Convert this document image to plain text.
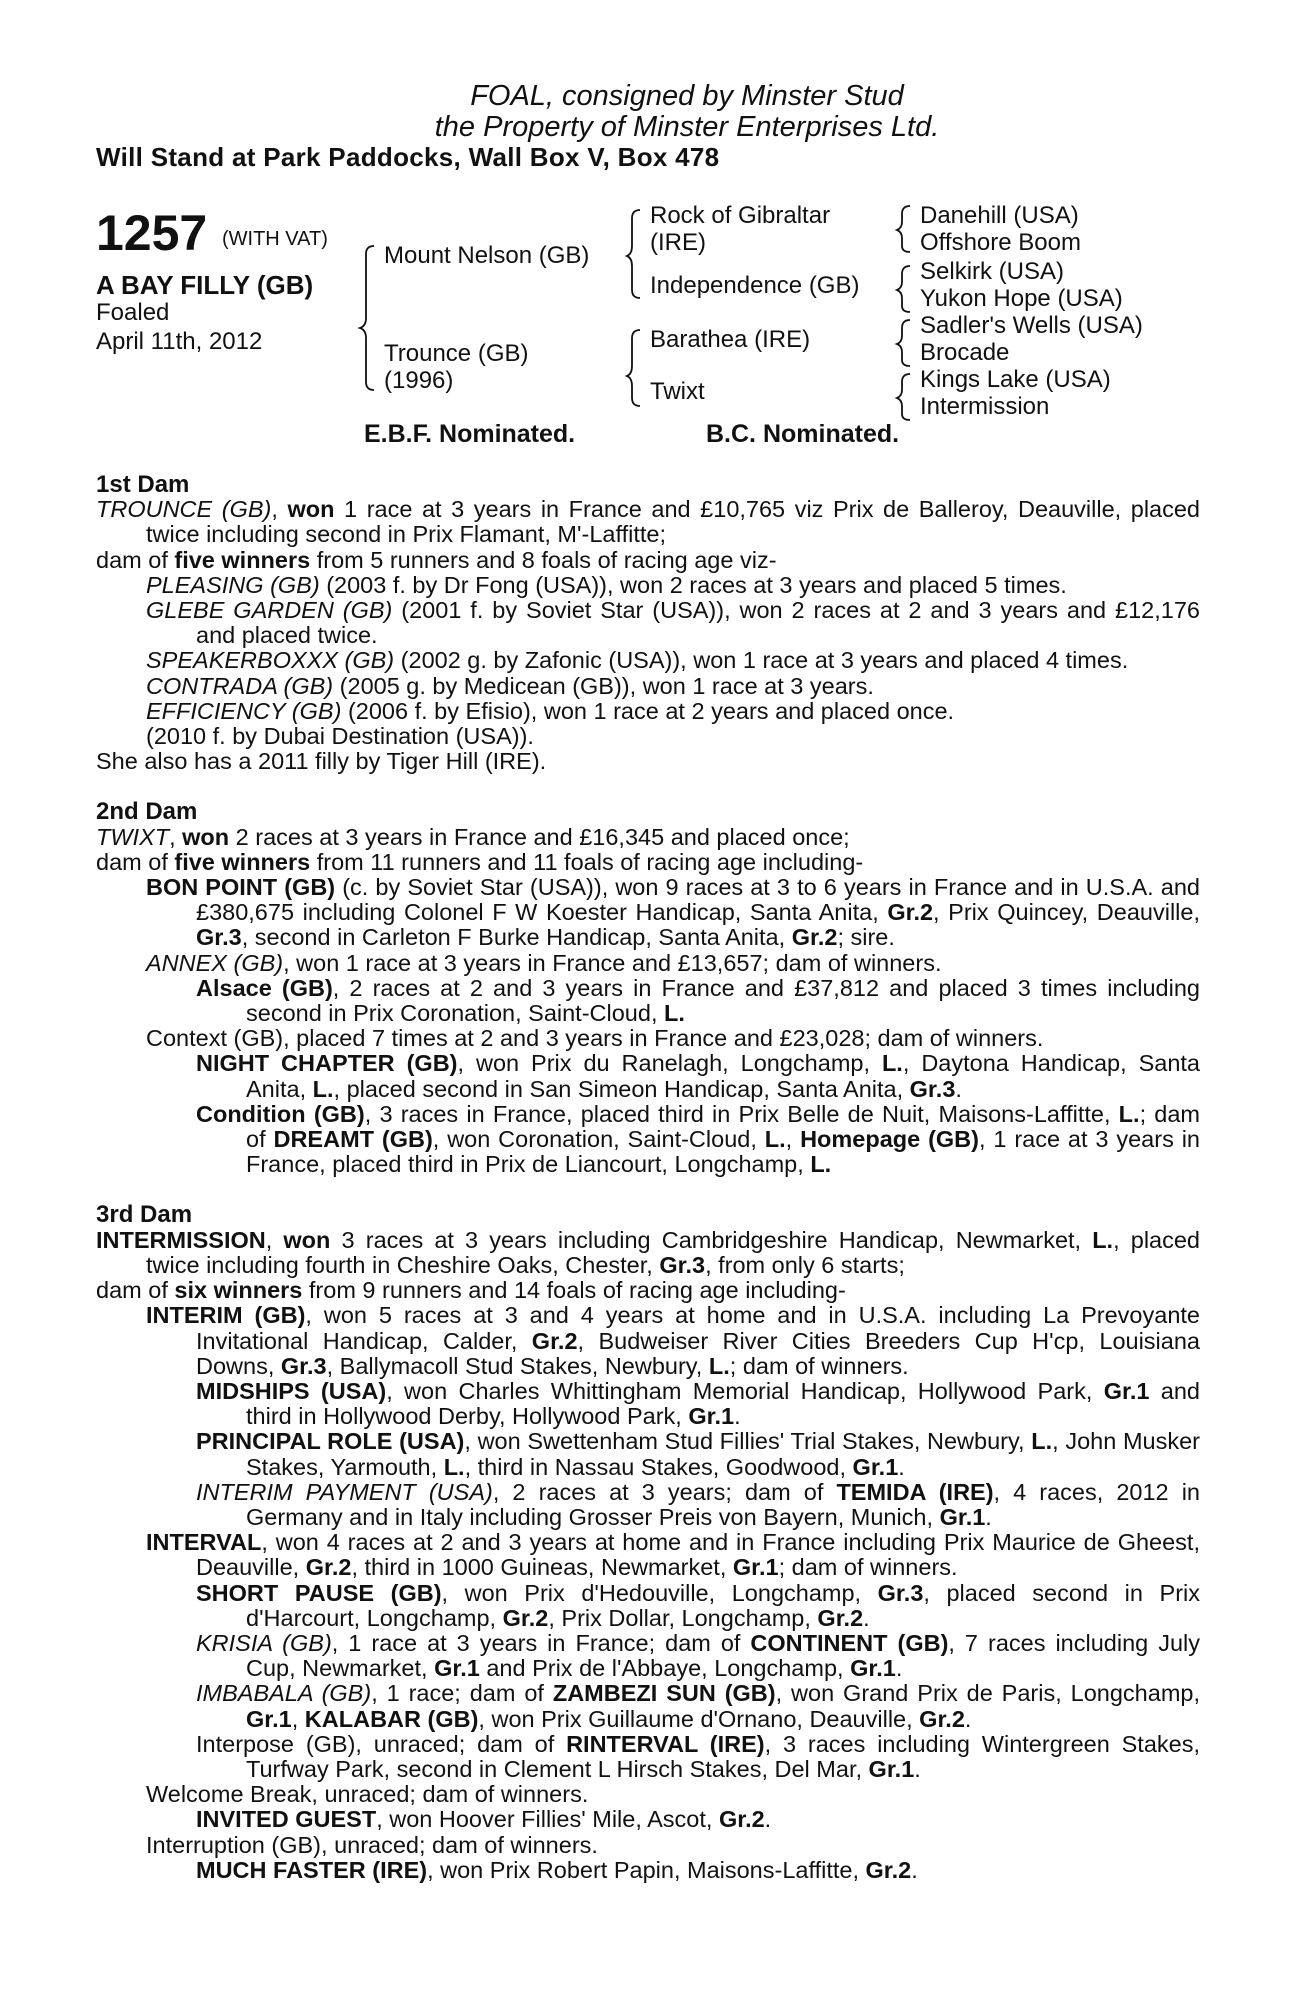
FOAL, consigned by Minster Stud
the Property of Minster Enterprises Ltd.
Will Stand at Park Paddocks, Wall Box V, Box 478
1257 (WITH VAT)
A BAY FILLY (GB)
Foaled
April 11th, 2012
Mount Nelson (GB)
Trounce (GB)
(1996)
Rock of Gibraltar
(IRE)
Independence (GB)
Barathea (IRE)
Twixt
Danehill (USA)
Offshore Boom
Selkirk (USA)
Yukon Hope (USA)
Sadler's Wells (USA)
Brocade
Kings Lake (USA)
Intermission
E.B.F. Nominated.	B.C. Nominated.
1st Dam
TROUNCE (GB), won 1 race at 3 years in France and £10,765 viz Prix de Balleroy, Deauville, placed twice including second in Prix Flamant, M'-Laffitte;
dam of five winners from 5 runners and 8 foals of racing age viz-
PLEASING (GB) (2003 f. by Dr Fong (USA)), won 2 races at 3 years and placed 5 times.
GLEBE GARDEN (GB) (2001 f. by Soviet Star (USA)), won 2 races at 2 and 3 years and £12,176 and placed twice.
SPEAKERBOXXX (GB) (2002 g. by Zafonic (USA)), won 1 race at 3 years and placed 4 times.
CONTRADA (GB) (2005 g. by Medicean (GB)), won 1 race at 3 years.
EFFICIENCY (GB) (2006 f. by Efisio), won 1 race at 2 years and placed once.
(2010 f. by Dubai Destination (USA)).
She also has a 2011 filly by Tiger Hill (IRE).
2nd Dam
TWIXT, won 2 races at 3 years in France and £16,345 and placed once;
dam of five winners from 11 runners and 11 foals of racing age including-
BON POINT (GB) (c. by Soviet Star (USA)), won 9 races at 3 to 6 years in France and in U.S.A. and £380,675 including Colonel F W Koester Handicap, Santa Anita, Gr.2, Prix Quincey, Deauville, Gr.3, second in Carleton F Burke Handicap, Santa Anita, Gr.2; sire.
ANNEX (GB), won 1 race at 3 years in France and £13,657; dam of winners.
Alsace (GB), 2 races at 2 and 3 years in France and £37,812 and placed 3 times including second in Prix Coronation, Saint-Cloud, L.
Context (GB), placed 7 times at 2 and 3 years in France and £23,028; dam of winners.
NIGHT CHAPTER (GB), won Prix du Ranelagh, Longchamp, L., Daytona Handicap, Santa Anita, L., placed second in San Simeon Handicap, Santa Anita, Gr.3.
Condition (GB), 3 races in France, placed third in Prix Belle de Nuit, Maisons-Laffitte, L.; dam of DREAMT (GB), won Coronation, Saint-Cloud, L., Homepage (GB), 1 race at 3 years in France, placed third in Prix de Liancourt, Longchamp, L.
3rd Dam
INTERMISSION, won 3 races at 3 years including Cambridgeshire Handicap, Newmarket, L., placed twice including fourth in Cheshire Oaks, Chester, Gr.3, from only 6 starts;
dam of six winners from 9 runners and 14 foals of racing age including-
INTERIM (GB), won 5 races at 3 and 4 years at home and in U.S.A. including La Prevoyante Invitational Handicap, Calder, Gr.2, Budweiser River Cities Breeders Cup H'cp, Louisiana Downs, Gr.3, Ballymacoll Stud Stakes, Newbury, L.; dam of winners.
MIDSHIPS (USA), won Charles Whittingham Memorial Handicap, Hollywood Park, Gr.1 and third in Hollywood Derby, Hollywood Park, Gr.1.
PRINCIPAL ROLE (USA), won Swettenham Stud Fillies' Trial Stakes, Newbury, L., John Musker Stakes, Yarmouth, L., third in Nassau Stakes, Goodwood, Gr.1.
INTERIM PAYMENT (USA), 2 races at 3 years; dam of TEMIDA (IRE), 4 races, 2012 in Germany and in Italy including Grosser Preis von Bayern, Munich, Gr.1.
INTERVAL, won 4 races at 2 and 3 years at home and in France including Prix Maurice de Gheest, Deauville, Gr.2, third in 1000 Guineas, Newmarket, Gr.1; dam of winners.
SHORT PAUSE (GB), won Prix d'Hedouville, Longchamp, Gr.3, placed second in Prix d'Harcourt, Longchamp, Gr.2, Prix Dollar, Longchamp, Gr.2.
KRISIA (GB), 1 race at 3 years in France; dam of CONTINENT (GB), 7 races including July Cup, Newmarket, Gr.1 and Prix de l'Abbaye, Longchamp, Gr.1.
IMBABALA (GB), 1 race; dam of ZAMBEZI SUN (GB), won Grand Prix de Paris, Longchamp, Gr.1, KALABAR (GB), won Prix Guillaume d'Ornano, Deauville, Gr.2.
Interpose (GB), unraced; dam of RINTERVAL (IRE), 3 races including Wintergreen Stakes, Turfway Park, second in Clement L Hirsch Stakes, Del Mar, Gr.1.
Welcome Break, unraced; dam of winners.
INVITED GUEST, won Hoover Fillies' Mile, Ascot, Gr.2.
Interruption (GB), unraced; dam of winners.
MUCH FASTER (IRE), won Prix Robert Papin, Maisons-Laffitte, Gr.2.
